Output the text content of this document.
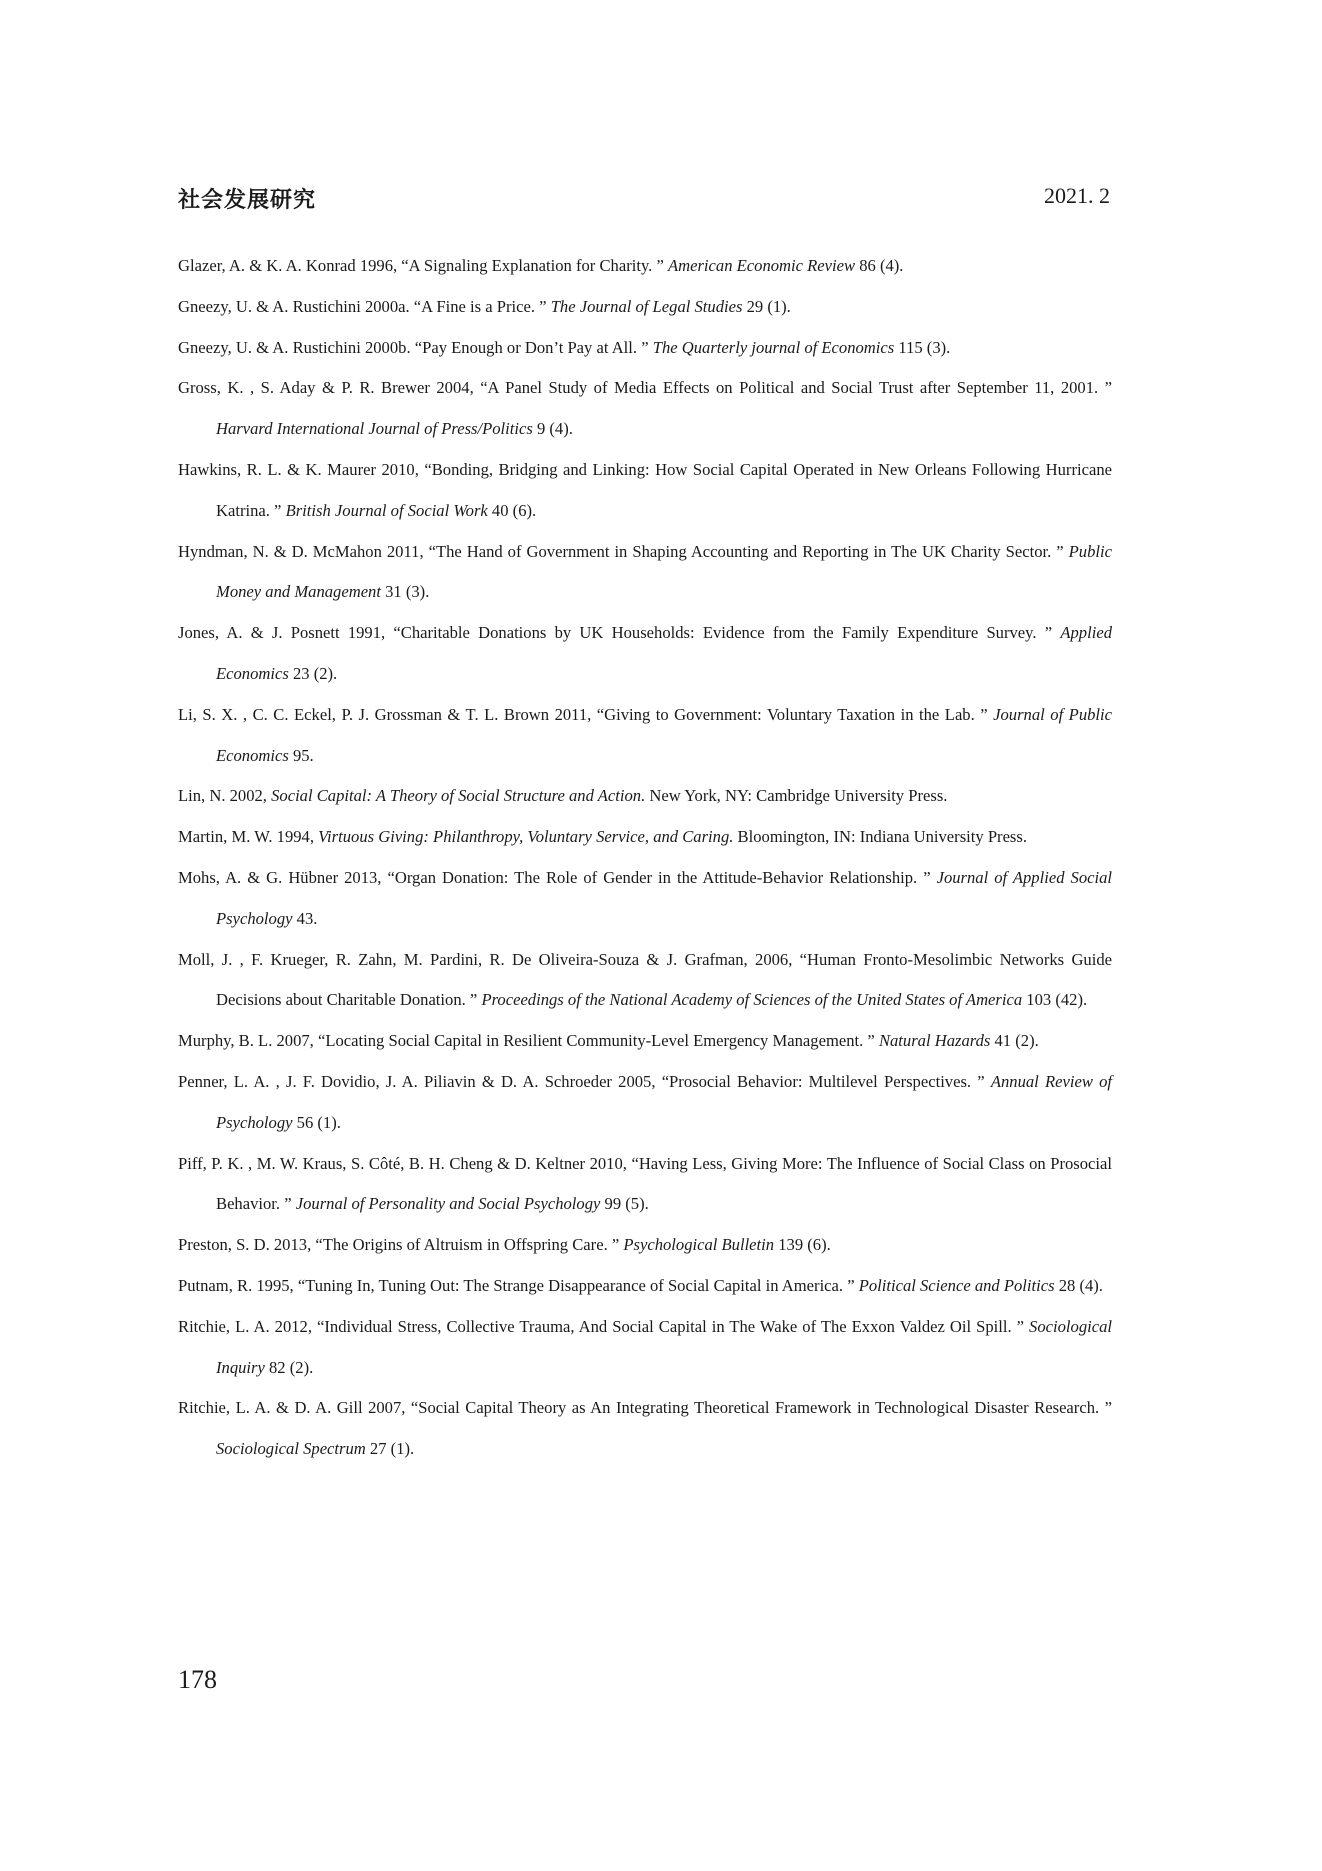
社会发展研究	2021. 2
Glazer, A. & K. A. Konrad 1996, “A Signaling Explanation for Charity. ” American Economic Review 86 (4).
Gneezy, U. & A. Rustichini 2000a. “A Fine is a Price. ” The Journal of Legal Studies 29 (1).
Gneezy, U. & A. Rustichini 2000b. “Pay Enough or Don’t Pay at All. ” The Quarterly journal of Economics 115 (3).
Gross, K. , S. Aday & P. R. Brewer 2004, “A Panel Study of Media Effects on Political and Social Trust after September 11, 2001. ” Harvard International Journal of Press/Politics 9 (4).
Hawkins, R. L. & K. Maurer 2010, “Bonding, Bridging and Linking: How Social Capital Operated in New Orleans Following Hurricane Katrina. ” British Journal of Social Work 40 (6).
Hyndman, N. & D. McMahon 2011, “The Hand of Government in Shaping Accounting and Reporting in The UK Charity Sector. ” Public Money and Management 31 (3).
Jones, A. & J. Posnett 1991, “Charitable Donations by UK Households: Evidence from the Family Expenditure Survey. ” Applied Economics 23 (2).
Li, S. X. , C. C. Eckel, P. J. Grossman & T. L. Brown 2011, “Giving to Government: Voluntary Taxation in the Lab. ” Journal of Public Economics 95.
Lin, N. 2002, Social Capital: A Theory of Social Structure and Action. New York, NY: Cambridge University Press.
Martin, M. W. 1994, Virtuous Giving: Philanthropy, Voluntary Service, and Caring. Bloomington, IN: Indiana University Press.
Mohs, A. & G. Hübner 2013, “Organ Donation: The Role of Gender in the Attitude-Behavior Relationship. ” Journal of Applied Social Psychology 43.
Moll, J. , F. Krueger, R. Zahn, M. Pardini, R. De Oliveira-Souza & J. Grafman, 2006, “Human Fronto-Mesolimbic Networks Guide Decisions about Charitable Donation. ” Proceedings of the National Academy of Sciences of the United States of America 103 (42).
Murphy, B. L. 2007, “Locating Social Capital in Resilient Community-Level Emergency Management. ” Natural Hazards 41 (2).
Penner, L. A. , J. F. Dovidio, J. A. Piliavin & D. A. Schroeder 2005, “Prosocial Behavior: Multilevel Perspectives. ” Annual Review of Psychology 56 (1).
Piff, P. K. , M. W. Kraus, S. Côté, B. H. Cheng & D. Keltner 2010, “Having Less, Giving More: The Influence of Social Class on Prosocial Behavior. ” Journal of Personality and Social Psychology 99 (5).
Preston, S. D. 2013, “The Origins of Altruism in Offspring Care. ” Psychological Bulletin 139 (6).
Putnam, R. 1995, “Tuning In, Tuning Out: The Strange Disappearance of Social Capital in America. ” Political Science and Politics 28 (4).
Ritchie, L. A. 2012, “Individual Stress, Collective Trauma, And Social Capital in The Wake of The Exxon Valdez Oil Spill. ” Sociological Inquiry 82 (2).
Ritchie, L. A. & D. A. Gill 2007, “Social Capital Theory as An Integrating Theoretical Framework in Technological Disaster Research. ” Sociological Spectrum 27 (1).
178
